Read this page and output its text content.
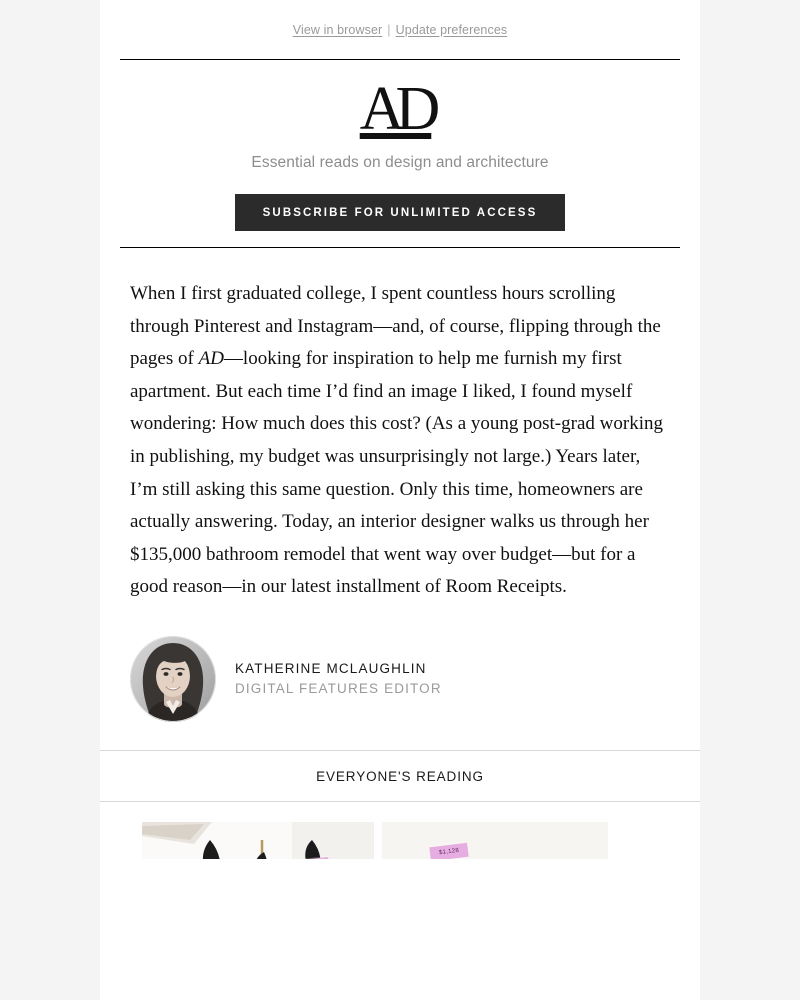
View in browser | Update preferences
AD
Essential reads on design and architecture
SUBSCRIBE FOR UNLIMITED ACCESS

When I first graduated college, I spent countless hours scrolling through Pinterest and Instagram—and, of course, flipping through the pages of AD—looking for inspiration to help me furnish my first apartment. But each time I’d find an image I liked, I found myself wondering: How much does this cost? (As a young post-grad working in publishing, my budget was unsurprisingly not large.) Years later, I’m still asking this same question. Only this time, homeowners are actually answering. Today, an interior designer walks us through her $135,000 bathroom remodel that went way over budget—but for a good reason—in our latest installment of Room Receipts.

KATHERINE MCLAUGHLIN
DIGITAL FEATURES EDITOR
EVERYONE'S READING
